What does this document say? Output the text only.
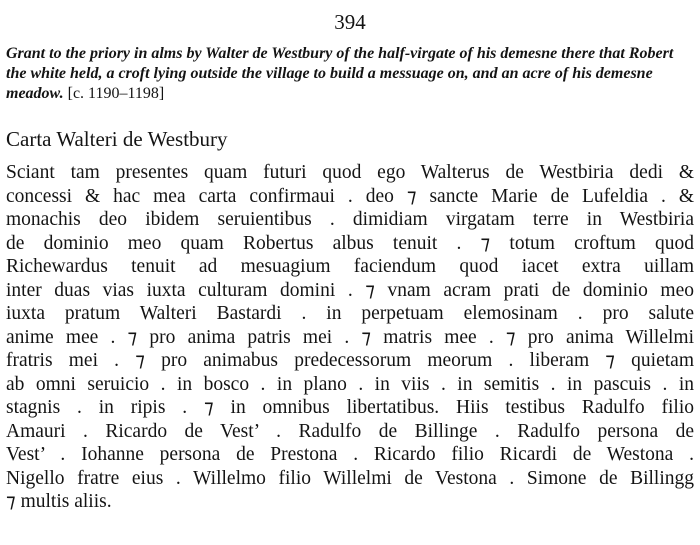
394

Grant to the priory in alms by Walter de Westbury of the half-virgate of his demesne there that Robert the white held, a croft lying outside the village to build a messuage on, and an acre of his demesne meadow. [c. 1190–1198]

Carta Walteri de Westbury
Sciant tam presentes quam futuri quod ego Walterus de Westbiria dedi &
concessi & hac mea carta confirmaui . deo ⁊ sancte Marie de Lufeldia . &
monachis deo ibidem seruientibus . dimidiam virgatam terre in Westbiria
de dominio meo quam Robertus albus tenuit . ⁊ totum croftum quod
Richewardus tenuit ad mesuagium faciendum quod iacet extra uillam
inter duas vias iuxta culturam domini . ⁊ vnam acram prati de dominio meo
iuxta pratum Walteri Bastardi . in perpetuam elemosinam . pro salute
anime mee . ⁊ pro anima patris mei . ⁊ matris mee . ⁊ pro anima Willelmi
fratris mei . ⁊ pro animabus predecessorum meorum . liberam ⁊ quietam
ab omni seruicio . in bosco . in plano . in viis . in semitis . in pascuis . in
stagnis . in ripis . ⁊ in omnibus libertatibus. Hiis testibus Radulfo filio
Amauri . Ricardo de Vest’ . Radulfo de Billinge . Radulfo persona de
Vest’ . Iohanne persona de Prestona . Ricardo filio Ricardi de Westona .
Nigello fratre eius . Willelmo filio Willelmi de Vestona . Simone de Billingg
⁊ multis aliis.
